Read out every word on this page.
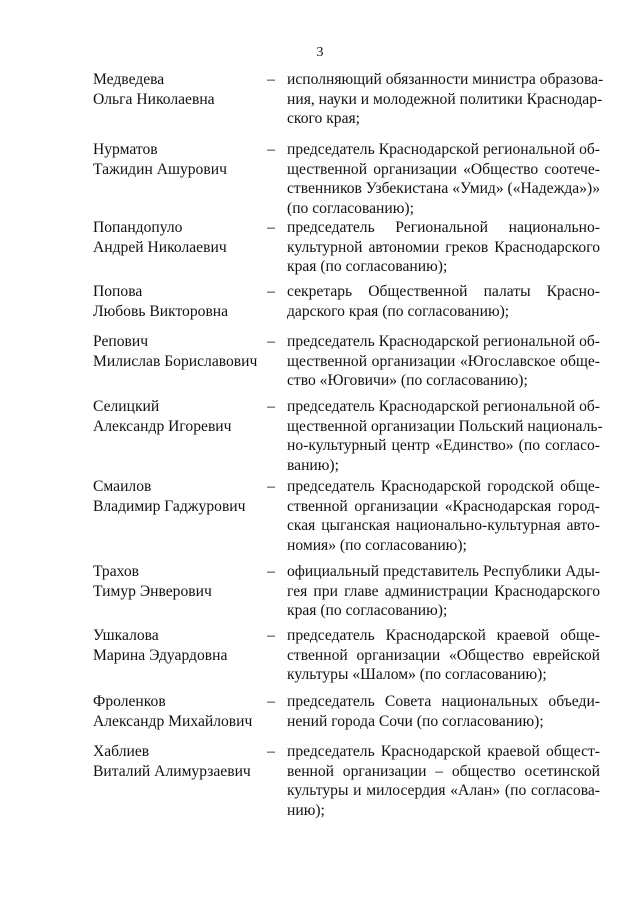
3
Медведева
Ольга Николаевна
– исполняющий обязанности министра образова-
ния, науки и молодежной политики Краснодар-
ского края;
Нурматов
Тажидин Ашурович
– председатель Краснодарской региональной об-
щественной организации «Общество соотече-
ственников Узбекистана «Умид» («Надежда»)»
(по согласованию);
Попандопуло
Андрей Николаевич
– председатель Региональной национально-
культурной автономии греков Краснодарского
края (по согласованию);
Попова
Любовь Викторовна
– секретарь Общественной палаты Красно-
дарского края (по согласованию);
Репович
Милислав Бориславович
– председатель Краснодарской региональной об-
щественной организации «Югославское обще-
ство «Юговичи» (по согласованию);
Селицкий
Александр Игоревич
– председатель Краснодарской региональной об-
щественной организации Польский националь-
но-культурный центр «Единство» (по согласо-
ванию);
Смаилов
Владимир Гаджурович
– председатель Краснодарской городской обще-
ственной организации «Краснодарская город-
ская цыганская национально-культурная авто-
номия» (по согласованию);
Трахов
Тимур Энверович
– официальный представитель Республики Ады-
гея при главе администрации Краснодарского
края (по согласованию);
Ушкалова
Марина Эдуардовна
– председатель Краснодарской краевой обще-
ственной организации «Общество еврейской
культуры «Шалом» (по согласованию);
Фроленков
Александр Михайлович
– председатель Совета национальных объеди-
нений города Сочи (по согласованию);
Хаблиев
Виталий Алимурзаевич
– председатель Краснодарской краевой общест-
венной организации – общество осетинской
культуры и милосердия «Алан» (по согласова-
нию);
